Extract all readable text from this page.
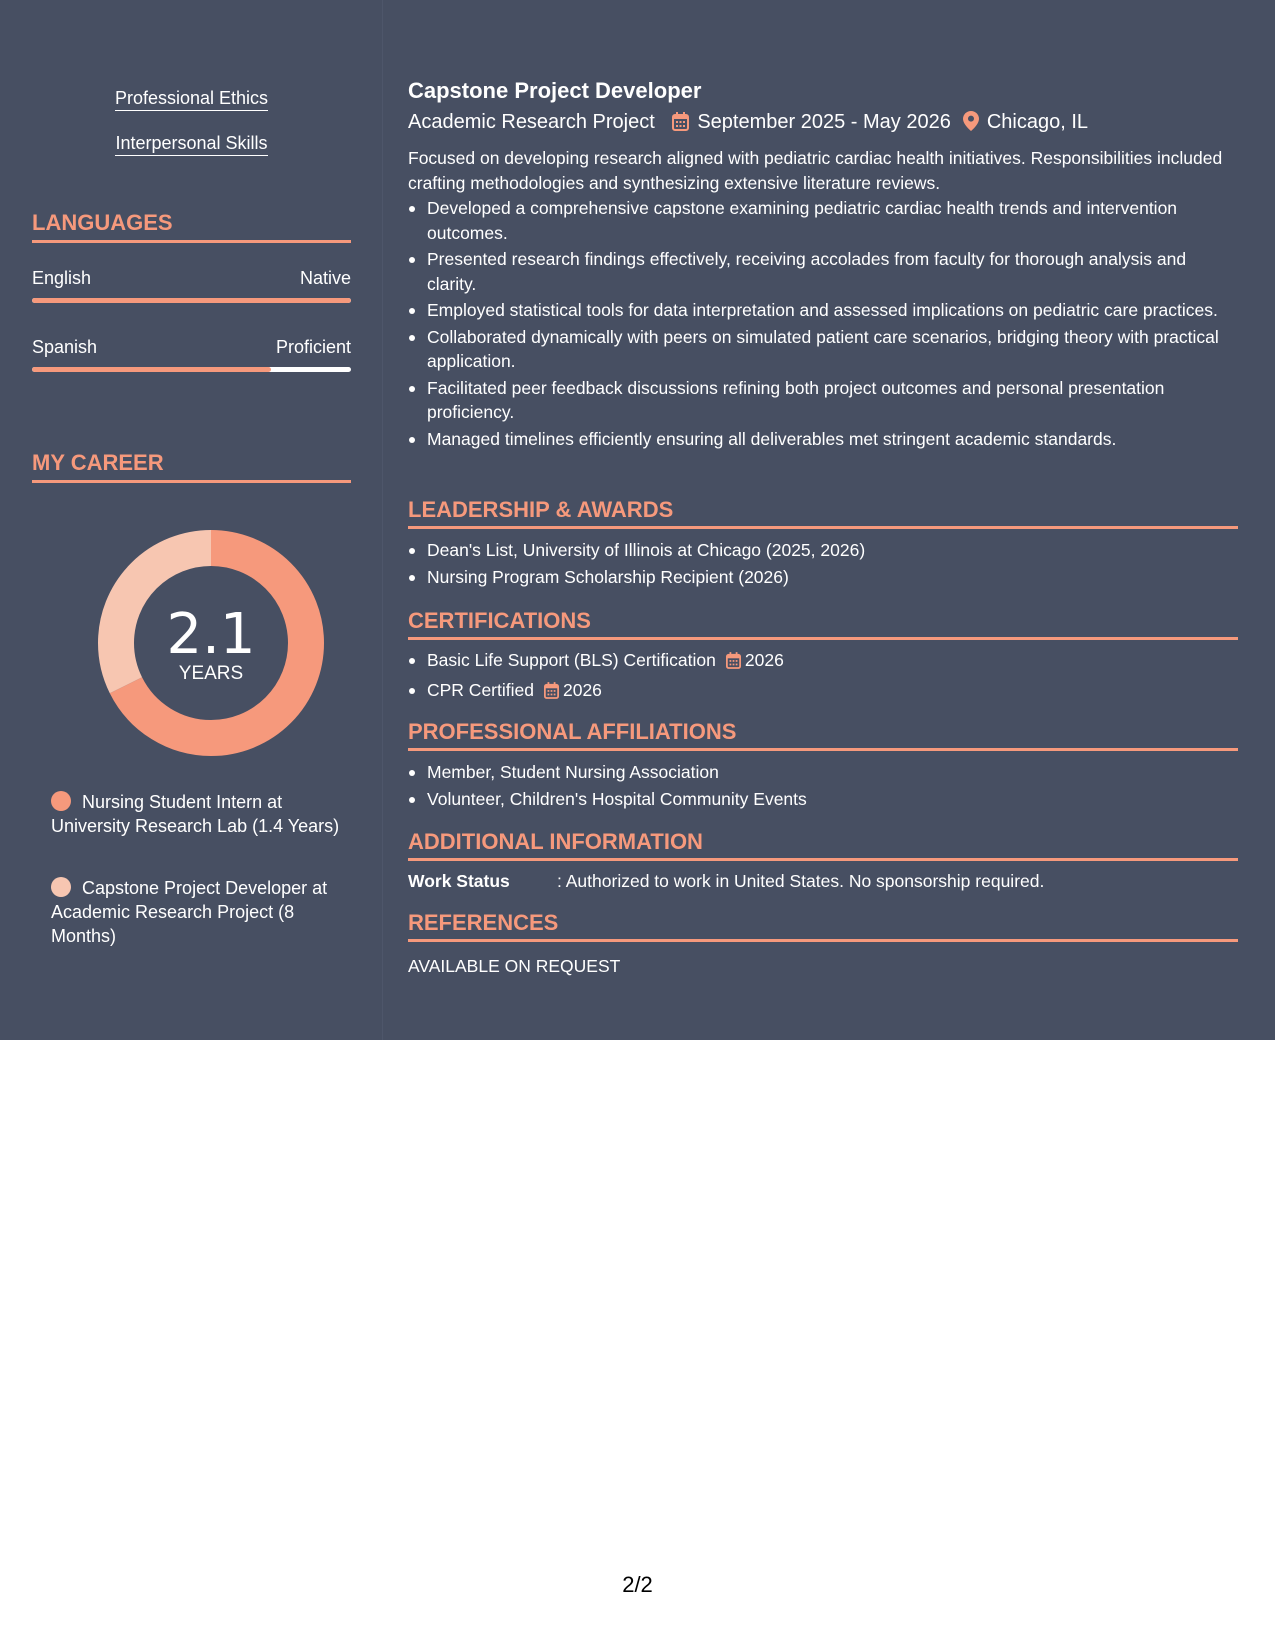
Professional Ethics
Interpersonal Skills
LANGUAGES
English	Native
Spanish	Proficient
MY CAREER
2.1
YEARS
Nursing Student Intern at University Research Lab (1.4 Years)
Capstone Project Developer at Academic Research Project (8 Months)
Capstone Project Developer
Academic Research Project September 2025 - May 2026 Chicago, IL
Focused on developing research aligned with pediatric cardiac health initiatives. Responsibilities included crafting methodologies and synthesizing extensive literature reviews.
Developed a comprehensive capstone examining pediatric cardiac health trends and intervention outcomes.
Presented research findings effectively, receiving accolades from faculty for thorough analysis and clarity.
Employed statistical tools for data interpretation and assessed implications on pediatric care practices.
Collaborated dynamically with peers on simulated patient care scenarios, bridging theory with practical application.
Facilitated peer feedback discussions refining both project outcomes and personal presentation proficiency.
Managed timelines efficiently ensuring all deliverables met stringent academic standards.
LEADERSHIP & AWARDS
Dean's List, University of Illinois at Chicago (2025, 2026)
Nursing Program Scholarship Recipient (2026)
CERTIFICATIONS
Basic Life Support (BLS) Certification 2026
CPR Certified 2026
PROFESSIONAL AFFILIATIONS
Member, Student Nursing Association
Volunteer, Children's Hospital Community Events
ADDITIONAL INFORMATION
Work Status	: Authorized to work in United States. No sponsorship required.
REFERENCES
AVAILABLE ON REQUEST
2/2
